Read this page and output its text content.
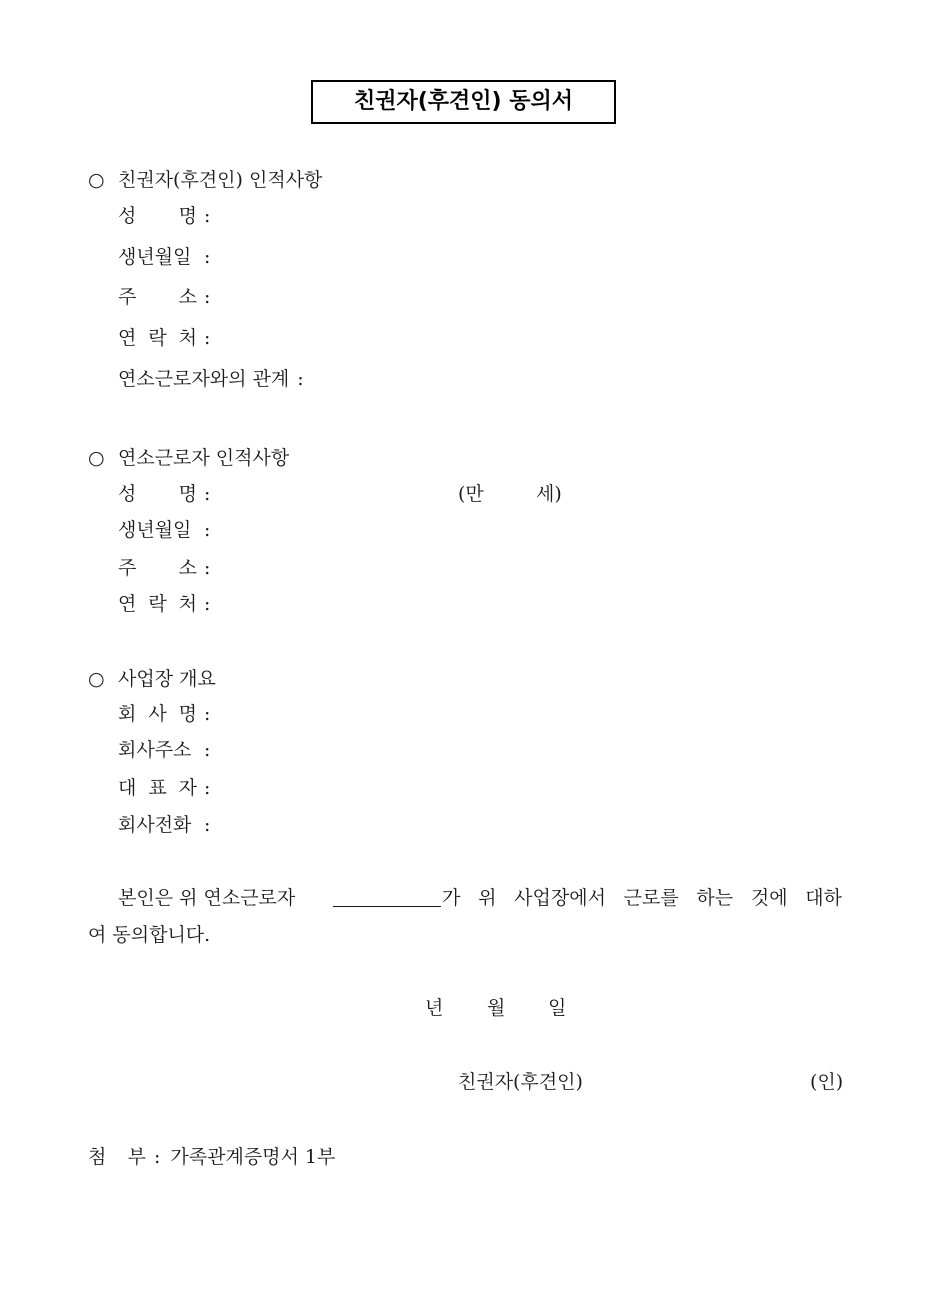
친권자(후견인) 동의서
○ 친권자(후견인) 인적사항
성 명 :
생년월일 :
주 소 :
연 락 처 :
연소근로자와의 관계 :
○ 연소근로자 인적사항
성 명 :	(만	세)
생년월일 :
주 소 :
연 락 처 :
○ 사업장 개요
회 사 명 :
회사주소 :
대 표 자 :
회사전화 :
본인은 위 연소근로자	가 위 사업장에서 근로를 하는 것에 대하
여 동의합니다.
년 월 일
친권자(후견인)	(인)
첨 부 : 가족관계증명서 1부
